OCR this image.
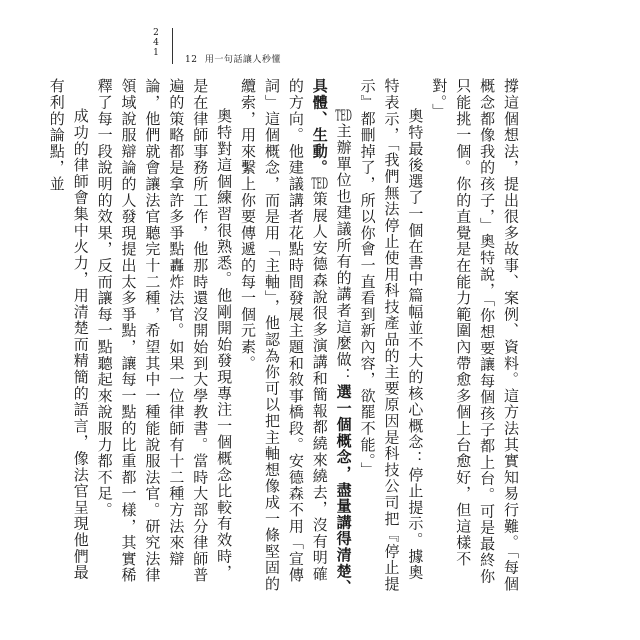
2
4
1
12 用一句話讓人秒懂

撐這個想法，提出很多故事、案例、資料。這方法其實知易行難。「每個概念都像我的孩子，」奧特說，「你想要讓每個孩子都上台。可是最終你只能挑一個。你的直覺是在能力範圍內帶愈多個上台愈好，但這樣不對。」

奧特最後選了一個在書中篇幅並不大的核心概念：停止提示。據奧特表示，「我們無法停止使用科技產品的主要原因是科技公司把『停止提示』都刪掉了，所以你會一直看到新內容，欲罷不能。」

TED主辦單位也建議所有的講者這麼做：選一個概念，盡量講得清楚、具體、生動。TED策展人安德森說很多演講和簡報都繞來繞去，沒有明確的方向。他建議講者花點時間發展主題和敘事橋段。安德森不用「宣傳詞」這個概念，而是用「主軸」，他認為你可以把主軸想像成一條堅固的纜索，用來繫上你要傳遞的每一個元素。

奧特對這個練習很熟悉。他剛開始發現專注一個概念比較有效時，是在律師事務所工作，他那時還沒開始到大學教書。當時大部分律師普遍的策略都是拿許多爭點轟炸法官。如果一位律師有十二種方法來辯論，他們就會讓法官聽完十二種，希望其中一種能說服法官。研究法律領域說服辯論的人發現提出太多爭點，讓每一點的比重都一樣，其實稀釋了每一段說明的效果，反而讓每一點聽起來說服力都不足。

成功的律師會集中火力，用清楚而精簡的語言，像法官呈現他們最有利的論點，並
